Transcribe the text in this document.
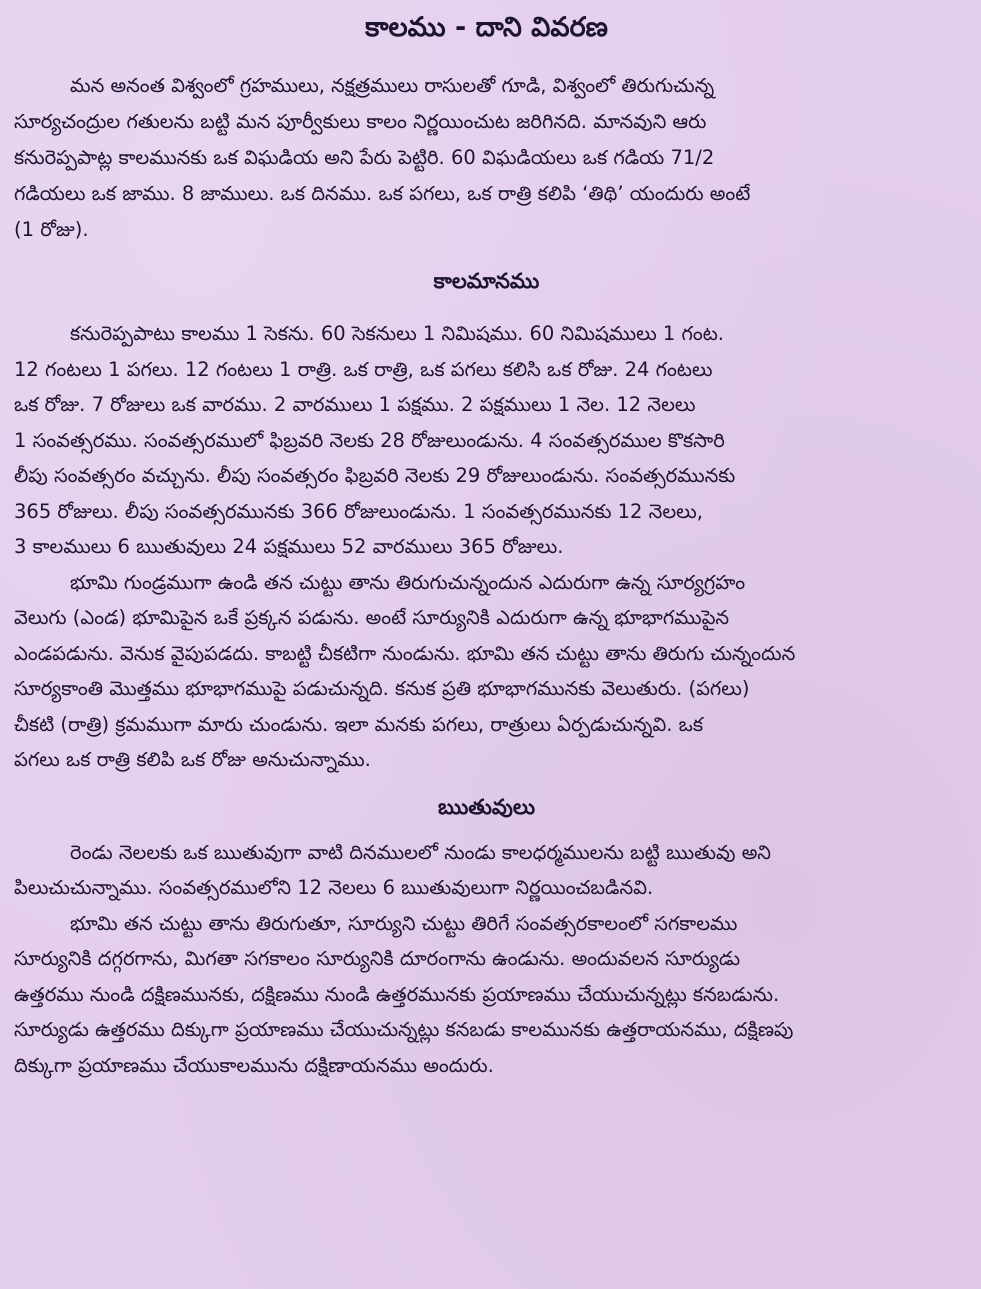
కాలము - దాని వివరణ
మన అనంత విశ్వంలో గ్రహములు, నక్షత్రములు రాసులతో గూడి, విశ్వంలో తిరుగుచున్న
సూర్యచంద్రుల గతులను బట్టి మన పూర్వీకులు కాలం నిర్ణయించుట జరిగినది. మానవుని ఆరు
కనురెప్పపాట్ల కాలమునకు ఒక విఘడియ అని పేరు పెట్టిరి. 60 విఘడియలు ఒక గడియ 71/2
గడియలు ఒక జాము. 8 జాములు. ఒక దినము. ఒక పగలు, ఒక రాత్రి కలిపి ‘తిథి’ యందురు అంటే
(1 రోజు).
కాలమానము
కనురెప్పపాటు కాలము 1 సెకను. 60 సెకనులు 1 నిమిషము. 60 నిమిషములు 1 గంట.
12 గంటలు 1 పగలు. 12 గంటలు 1 రాత్రి. ఒక రాత్రి, ఒక పగలు కలిసి ఒక రోజు. 24 గంటలు
ఒక రోజు. 7 రోజులు ఒక వారము. 2 వారములు 1 పక్షము. 2 పక్షములు 1 నెల. 12 నెలలు
1 సంవత్సరము. సంవత్సరములో ఫిబ్రవరి నెలకు 28 రోజులుండును. 4 సంవత్సరముల కొకసారి
లీపు సంవత్సరం వచ్చును. లీపు సంవత్సరం ఫిబ్రవరి నెలకు 29 రోజులుండును. సంవత్సరమునకు
365 రోజులు. లీపు సంవత్సరమునకు 366 రోజులుండును. 1 సంవత్సరమునకు 12 నెలలు,
3 కాలములు 6 ఋతువులు 24 పక్షములు 52 వారములు 365 రోజులు.
భూమి గుండ్రముగా ఉండి తన చుట్టు తాను తిరుగుచున్నందున ఎదురుగా ఉన్న సూర్యగ్రహం
వెలుగు (ఎండ) భూమిపైన ఒకే ప్రక్కన పడును. అంటే సూర్యునికి ఎదురుగా ఉన్న భూభాగముపైన
ఎండపడును. వెనుక వైపుపడదు. కాబట్టి చీకటిగా నుండును. భూమి తన చుట్టు తాను తిరుగు చున్నందున
సూర్యకాంతి మొత్తము భూభాగముపై పడుచున్నది. కనుక ప్రతి భూభాగమునకు వెలుతురు. (పగలు)
చీకటి (రాత్రి) క్రమముగా మారు చుండును. ఇలా మనకు పగలు, రాత్రులు ఏర్పడుచున్నవి. ఒక
పగలు ఒక రాత్రి కలిపి ఒక రోజు అనుచున్నాము.
ఋతువులు
రెండు నెలలకు ఒక ఋతువుగా వాటి దినములలో నుండు కాలధర్మములను బట్టి ఋతువు అని
పిలుచుచున్నాము. సంవత్సరములోని 12 నెలలు 6 ఋతువులుగా నిర్ణయించబడినవి.
భూమి తన చుట్టు తాను తిరుగుతూ, సూర్యుని చుట్టు తిరిగే సంవత్సరకాలంలో సగకాలము
సూర్యునికి దగ్గరగాను, మిగతా సగకాలం సూర్యునికి దూరంగాను ఉండును. అందువలన సూర్యుడు
ఉత్తరము నుండి దక్షిణమునకు, దక్షిణము నుండి ఉత్తరమునకు ప్రయాణము చేయుచున్నట్లు కనబడును.
సూర్యుడు ఉత్తరము దిక్కుగా ప్రయాణము చేయుచున్నట్లు కనబడు కాలమునకు ఉత్తరాయనము, దక్షిణపు
దిక్కుగా ప్రయాణము చేయుకాలమును దక్షిణాయనము అందురు.
